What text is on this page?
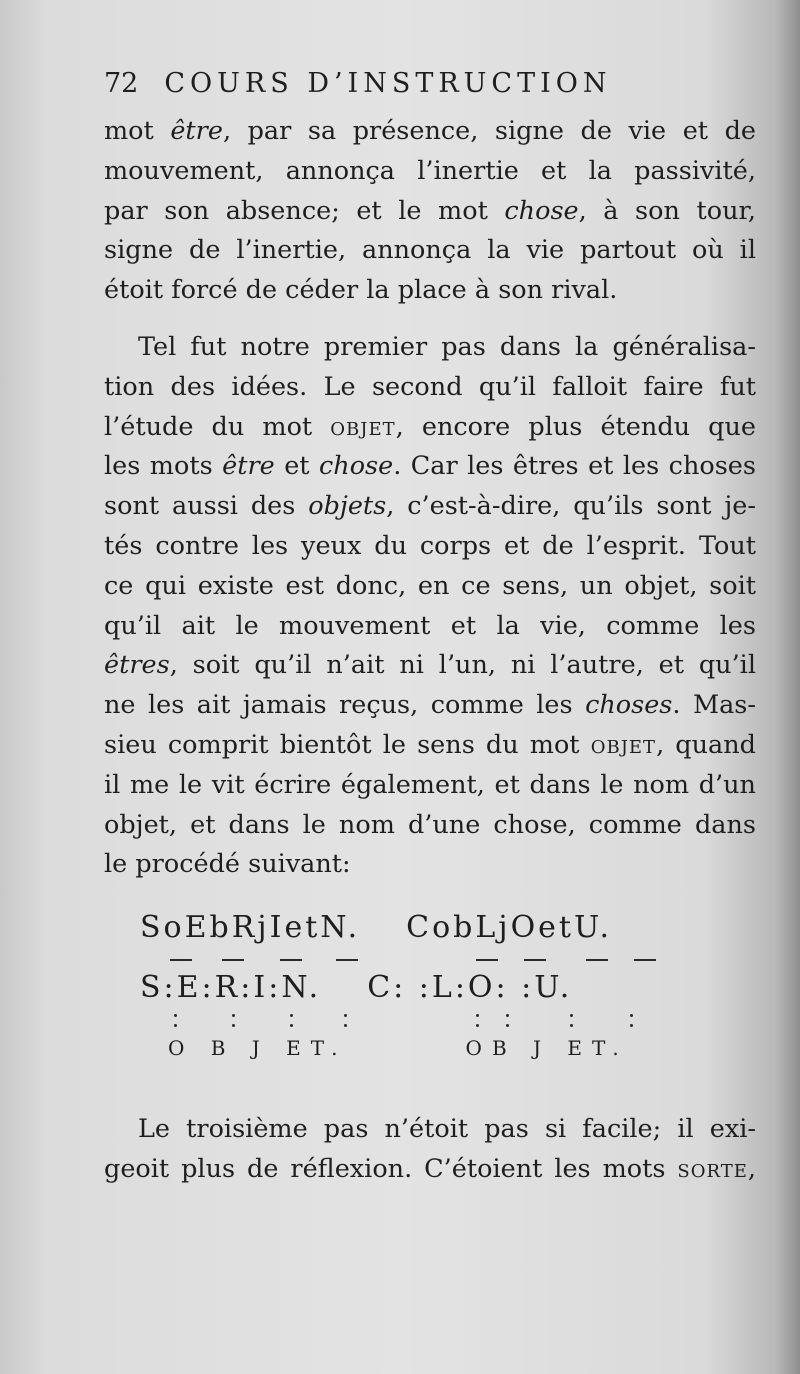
72 COURS D’INSTRUCTION
mot être, par sa présence, signe de vie et de
mouvement, annonça l’inertie et la passivité,
par son absence; et le mot chose, à son tour,
signe de l’inertie, annonça la vie partout où il
étoit forcé de céder la place à son rival.
Tel fut notre premier pas dans la généralisa-
tion des idées. Le second qu’il falloit faire fut
l’étude du mot objet, encore plus étendu que
les mots être et chose. Car les êtres et les choses
sont aussi des objets, c’est-à-dire, qu’ils sont je-
tés contre les yeux du corps et de l’esprit. Tout
ce qui existe est donc, en ce sens, un objet, soit
qu’il ait le mouvement et la vie, comme les
êtres, soit qu’il n’ait ni l’un, ni l’autre, et qu’il
ne les ait jamais reçus, comme les choses. Mas-
sieu comprit bientôt le sens du mot objet, quand
il me le vit écrire également, et dans le nom d’un
objet, et dans le nom d’une chose, comme dans
le procédé suivant:
SoEbRjIetN. CobLjOetU.
S:E:R:I:N. C: :L:O: :U.
O B J ET.	OB J ET.
Le troisième pas n’étoit pas si facile; il exi-
geoit plus de réflexion. C’étoient les mots sorte,
